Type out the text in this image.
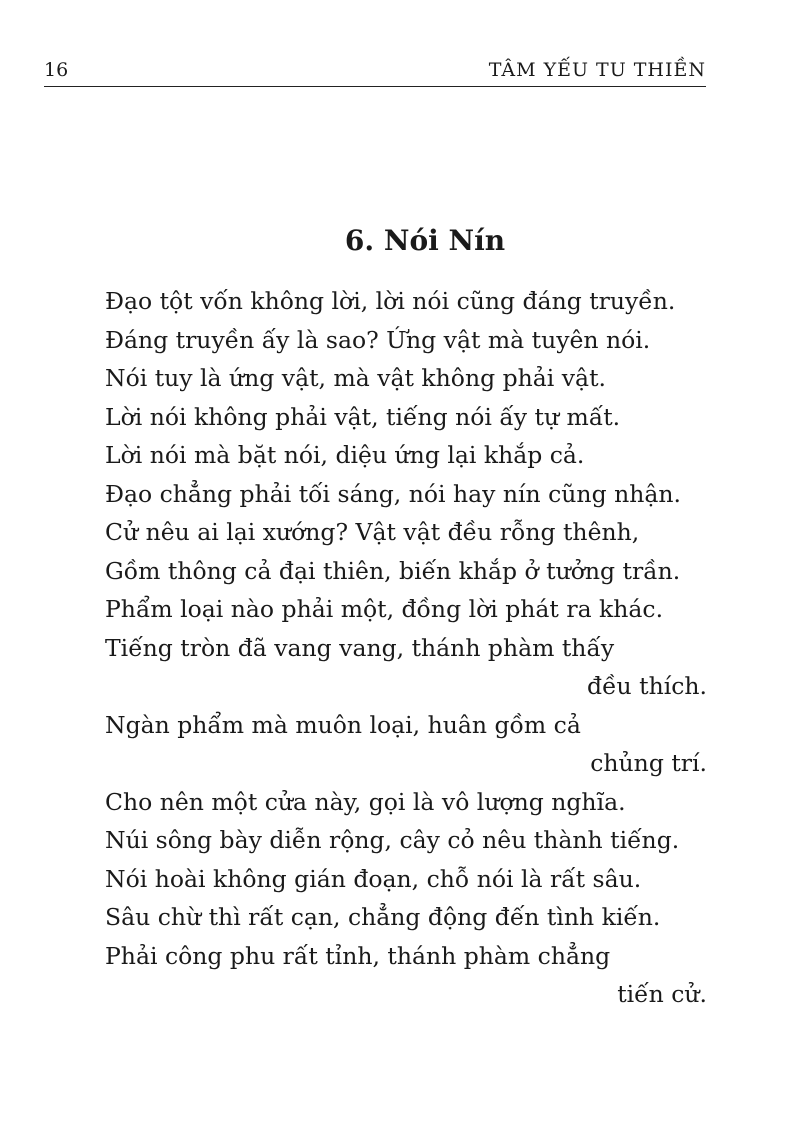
16	TÂM YẾU TU THIỀN
6. Nói Nín
Đạo tột vốn không lời, lời nói cũng đáng truyền.
Đáng truyền ấy là sao? Ứng vật mà tuyên nói.
Nói tuy là ứng vật, mà vật không phải vật.
Lời nói không phải vật, tiếng nói ấy tự mất.
Lời nói mà bặt nói, diệu ứng lại khắp cả.
Đạo chẳng phải tối sáng, nói hay nín cũng nhận.
Cử nêu ai lại xướng? Vật vật đều rỗng thênh,
Gồm thông cả đại thiên, biến khắp ở tưởng trần.
Phẩm loại nào phải một, đồng lời phát ra khác.
Tiếng tròn đã vang vang, thánh phàm thấy
đều thích.
Ngàn phẩm mà muôn loại, huân gồm cả
chủng trí.
Cho nên một cửa này, gọi là vô lượng nghĩa.
Núi sông bày diễn rộng, cây cỏ nêu thành tiếng.
Nói hoài không gián đoạn, chỗ nói là rất sâu.
Sâu chừ thì rất cạn, chẳng động đến tình kiến.
Phải công phu rất tỉnh, thánh phàm chẳng
tiến cử.
